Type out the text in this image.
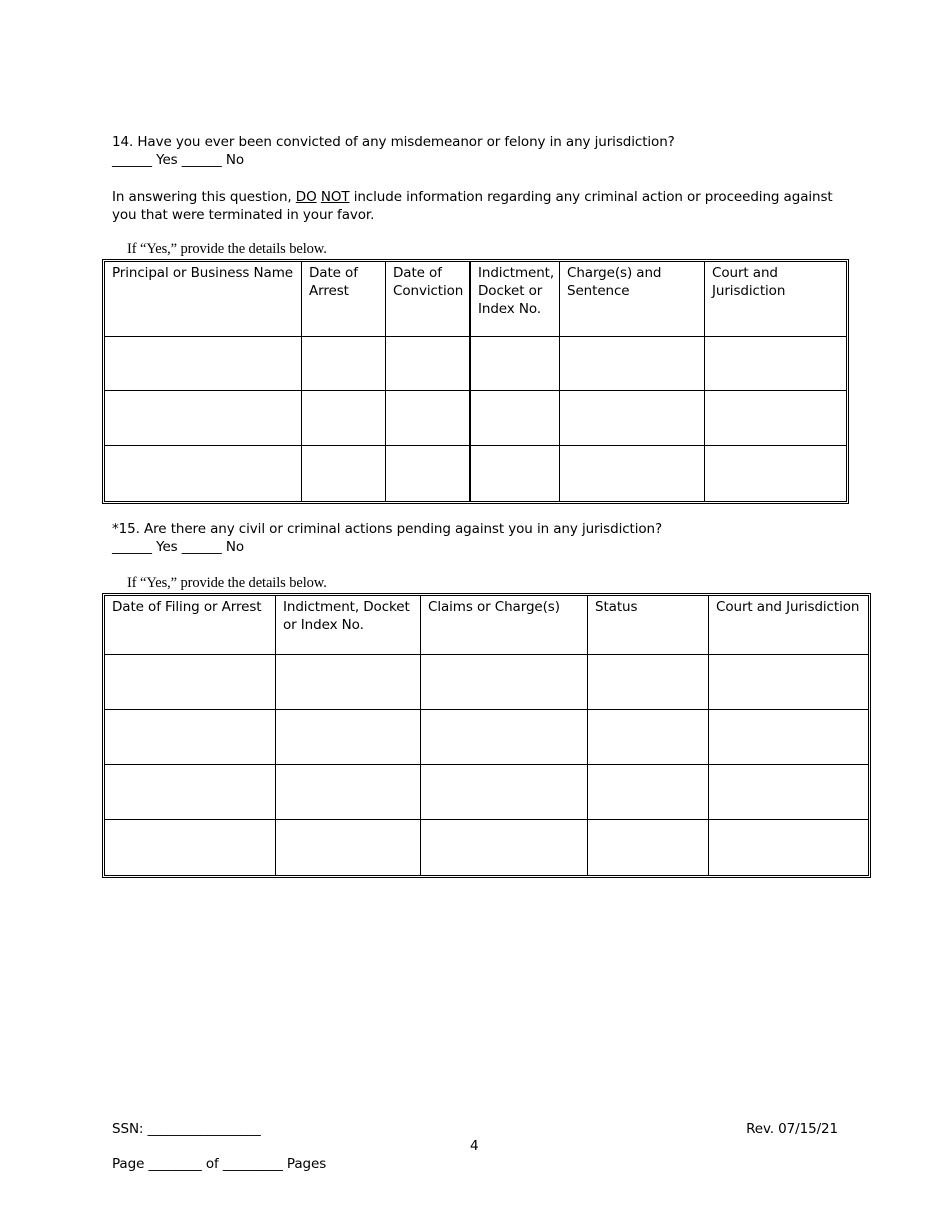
14. Have you ever been convicted of any misdemeanor or felony in any jurisdiction?
______ Yes ______ No
In answering this question, DO NOT include information regarding any criminal action or proceeding against you that were terminated in your favor.
If “Yes,” provide the details below.
Principal or Business Name	Date of Arrest	Date of Conviction	Indictment, Docket or Index No.	Charge(s) and Sentence	Court and Jurisdiction

*15. Are there any civil or criminal actions pending against you in any jurisdiction?
______ Yes ______ No
If “Yes,” provide the details below.
Date of Filing or Arrest	Indictment, Docket or Index No.	Claims or Charge(s)	Status	Court and Jurisdiction

SSN: _________________	Rev. 07/15/21
4
Page ________ of _________ Pages
